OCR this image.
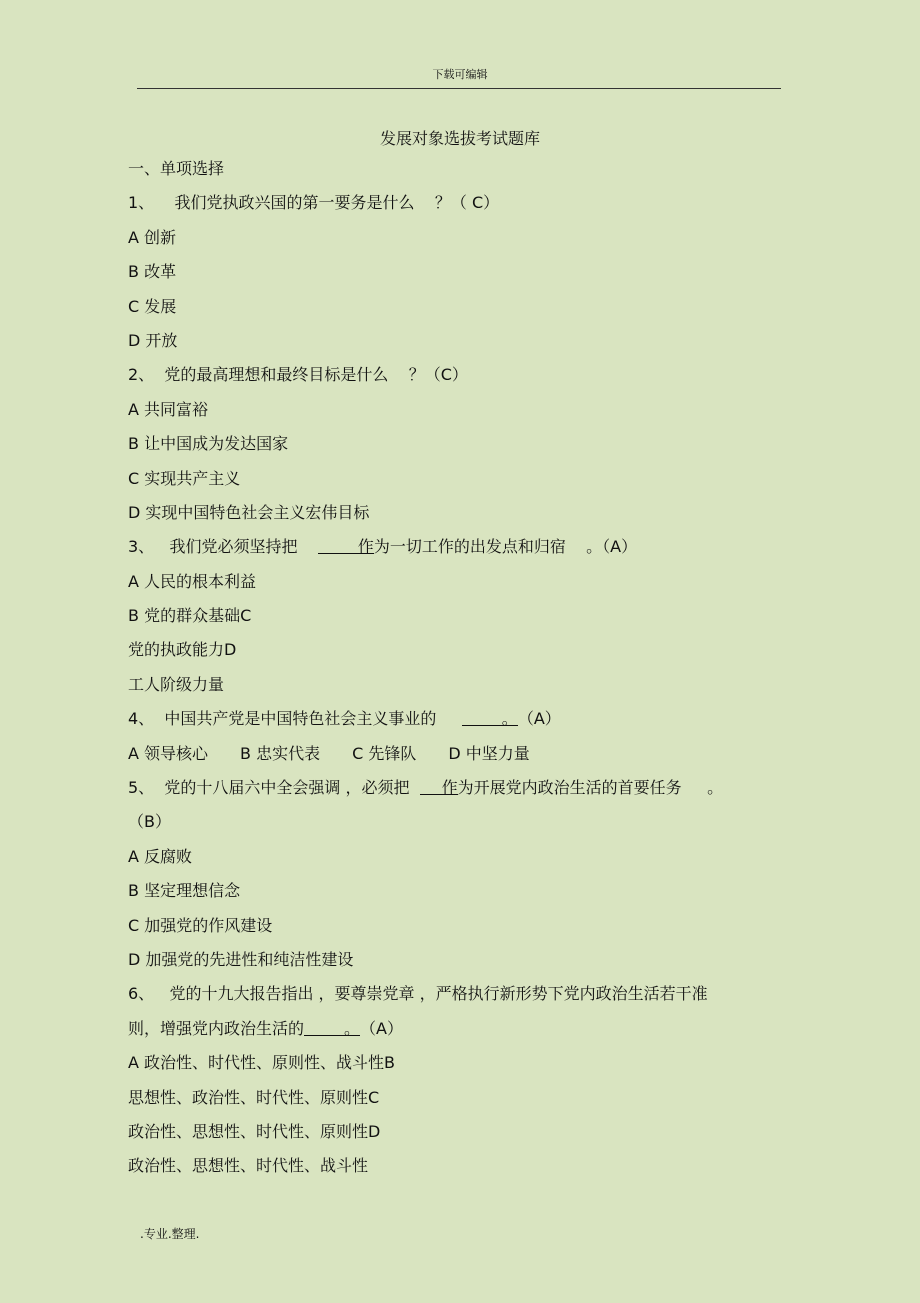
下载可编辑
发展对象选拔考试题库
一、单项选择
1、 我们党执政兴国的第一要务是什么 ？（ C）
A 创新
B 改革
C 发展
D 开放
2、 党的最高理想和最终目标是什么 ？（C）
A 共同富裕
B 让中国成为发达国家
C 实现共产主义
D 实现中国特色社会主义宏伟目标
3、 我们党必须坚持把	作为一切工作的出发点和归宿 。（A）
A 人民的根本利益
B 党的群众基础C
党的执政能力D
工人阶级力量
4、 中国共产党是中国特色社会主义事业的	。（A）
A 领导核心 B 忠实代表 C 先锋队 D 中坚力量
5、 党的十八届六中全会强调 ，必须把 作为开展党内政治生活的首要任务 。
（B）
A 反腐败
B 坚定理想信念
C 加强党的作风建设
D 加强党的先进性和纯洁性建设
6、 党的十九大报告指出 ，要尊崇党章 ，严格执行新形势下党内政治生活若干准
则，增强党内政治生活的 。（A）
A 政治性、时代性、原则性、战斗性B
思想性、政治性、时代性、原则性C
政治性、思想性、时代性、原则性D
政治性、思想性、时代性、战斗性
.专业.整理.
